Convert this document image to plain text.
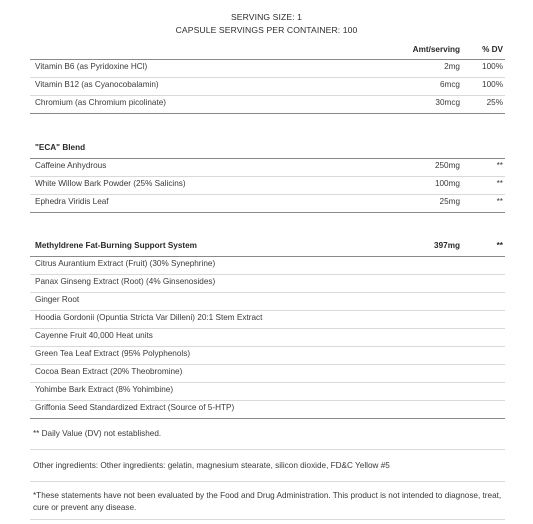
SERVING SIZE: 1
CAPSULE SERVINGS PER CONTAINER: 100
Amt/serving	% DV
Vitamin B6 (as Pyridoxine HCl)	2mg	100%
Vitamin B12 (as Cyanocobalamin)	6mcg	100%
Chromium (as Chromium picolinate)	30mcg	25%
"ECA" Blend
Caffeine Anhydrous	250mg	**
White Willow Bark Powder (25% Salicins)	100mg	**
Ephedra Viridis Leaf	25mg	**
Methyldrene Fat-Burning Support System	397mg	**
Citrus Aurantium Extract (Fruit) (30% Synephrine)
Panax Ginseng Extract (Root) (4% Ginsenosides)
Ginger Root
Hoodia Gordonii (Opuntia Stricta Var Dilleni) 20:1 Stem Extract
Cayenne Fruit 40,000 Heat units
Green Tea Leaf Extract (95% Polyphenols)
Cocoa Bean Extract (20% Theobromine)
Yohimbe Bark Extract (8% Yohimbine)
Griffonia Seed Standardized Extract (Source of 5-HTP)
** Daily Value (DV) not established.
Other ingredients: Other ingredients: gelatin, magnesium stearate, silicon dioxide, FD&C Yellow #5
*These statements have not been evaluated by the Food and Drug Administration. This product is not intended to diagnose, treat, cure or prevent any disease.
